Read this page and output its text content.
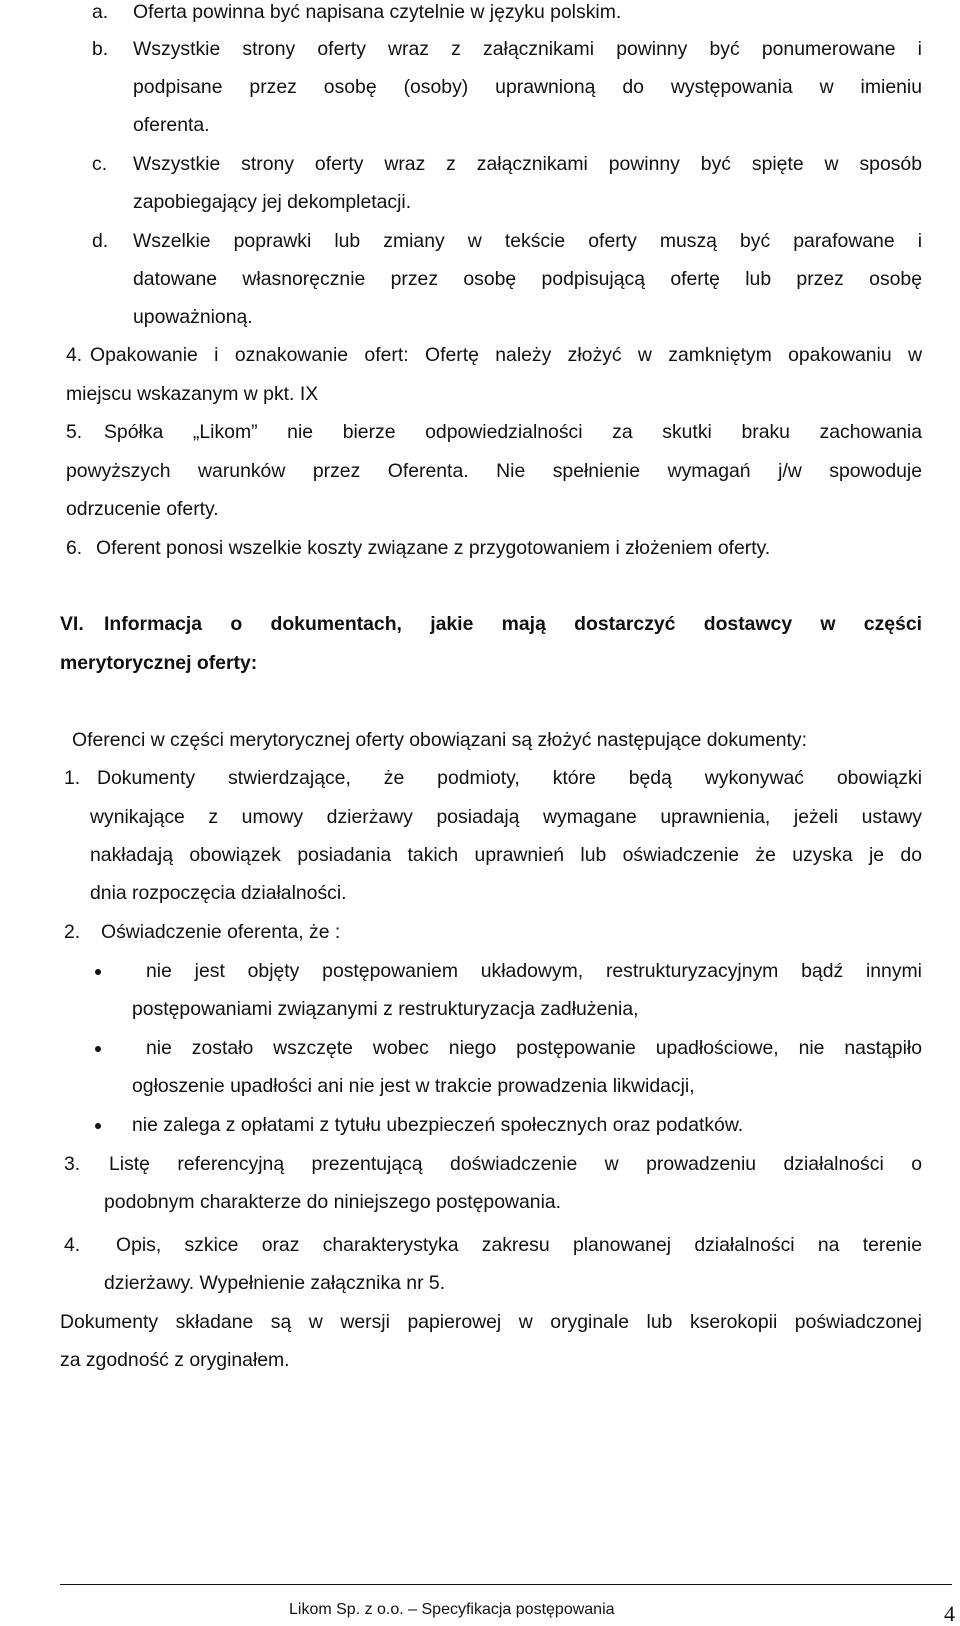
a. Oferta powinna być napisana czytelnie w języku polskim.
b. Wszystkie strony oferty wraz z załącznikami powinny być ponumerowane i
podpisane przez osobę (osoby) uprawnioną do występowania w imieniu
oferenta.
c. Wszystkie strony oferty wraz z załącznikami powinny być spięte w sposób
zapobiegający jej dekompletacji.
d. Wszelkie poprawki lub zmiany w tekście oferty muszą być parafowane i
datowane własnoręcznie przez osobę podpisującą ofertę lub przez osobę
upoważnioną.
4. Opakowanie i oznakowanie ofert: Ofertę należy złożyć w zamkniętym opakowaniu w
miejscu wskazanym w pkt. IX
5. Spółka „Likom” nie bierze odpowiedzialności za skutki braku zachowania
powyższych warunków przez Oferenta. Nie spełnienie wymagań j/w spowoduje
odrzucenie oferty.
6. Oferent ponosi wszelkie koszty związane z przygotowaniem i złożeniem oferty.
VI. Informacja o dokumentach, jakie mają dostarczyć dostawcy w części
merytorycznej oferty:
Oferenci w części merytorycznej oferty obowiązani są złożyć następujące dokumenty:
1. Dokumenty stwierdzające, że podmioty, które będą wykonywać obowiązki
wynikające z umowy dzierżawy posiadają wymagane uprawnienia, jeżeli ustawy
nakładają obowiązek posiadania takich uprawnień lub oświadczenie że uzyska je do
dnia rozpoczęcia działalności.
2. Oświadczenie oferenta, że :
nie jest objęty postępowaniem układowym, restrukturyzacyjnym bądź innymi
postępowaniami związanymi z restrukturyzacja zadłużenia,
nie zostało wszczęte wobec niego postępowanie upadłościowe, nie nastąpiło
ogłoszenie upadłości ani nie jest w trakcie prowadzenia likwidacji,
nie zalega z opłatami z tytułu ubezpieczeń społecznych oraz podatków.
3. Listę referencyjną prezentującą doświadczenie w prowadzeniu działalności o
podobnym charakterze do niniejszego postępowania.
4. Opis, szkice oraz charakterystyka zakresu planowanej działalności na terenie
dzierżawy. Wypełnienie załącznika nr 5.
Dokumenty składane są w wersji papierowej w oryginale lub kserokopii poświadczonej
za zgodność z oryginałem.
Likom Sp. z o.o. – Specyfikacja postępowania	4
